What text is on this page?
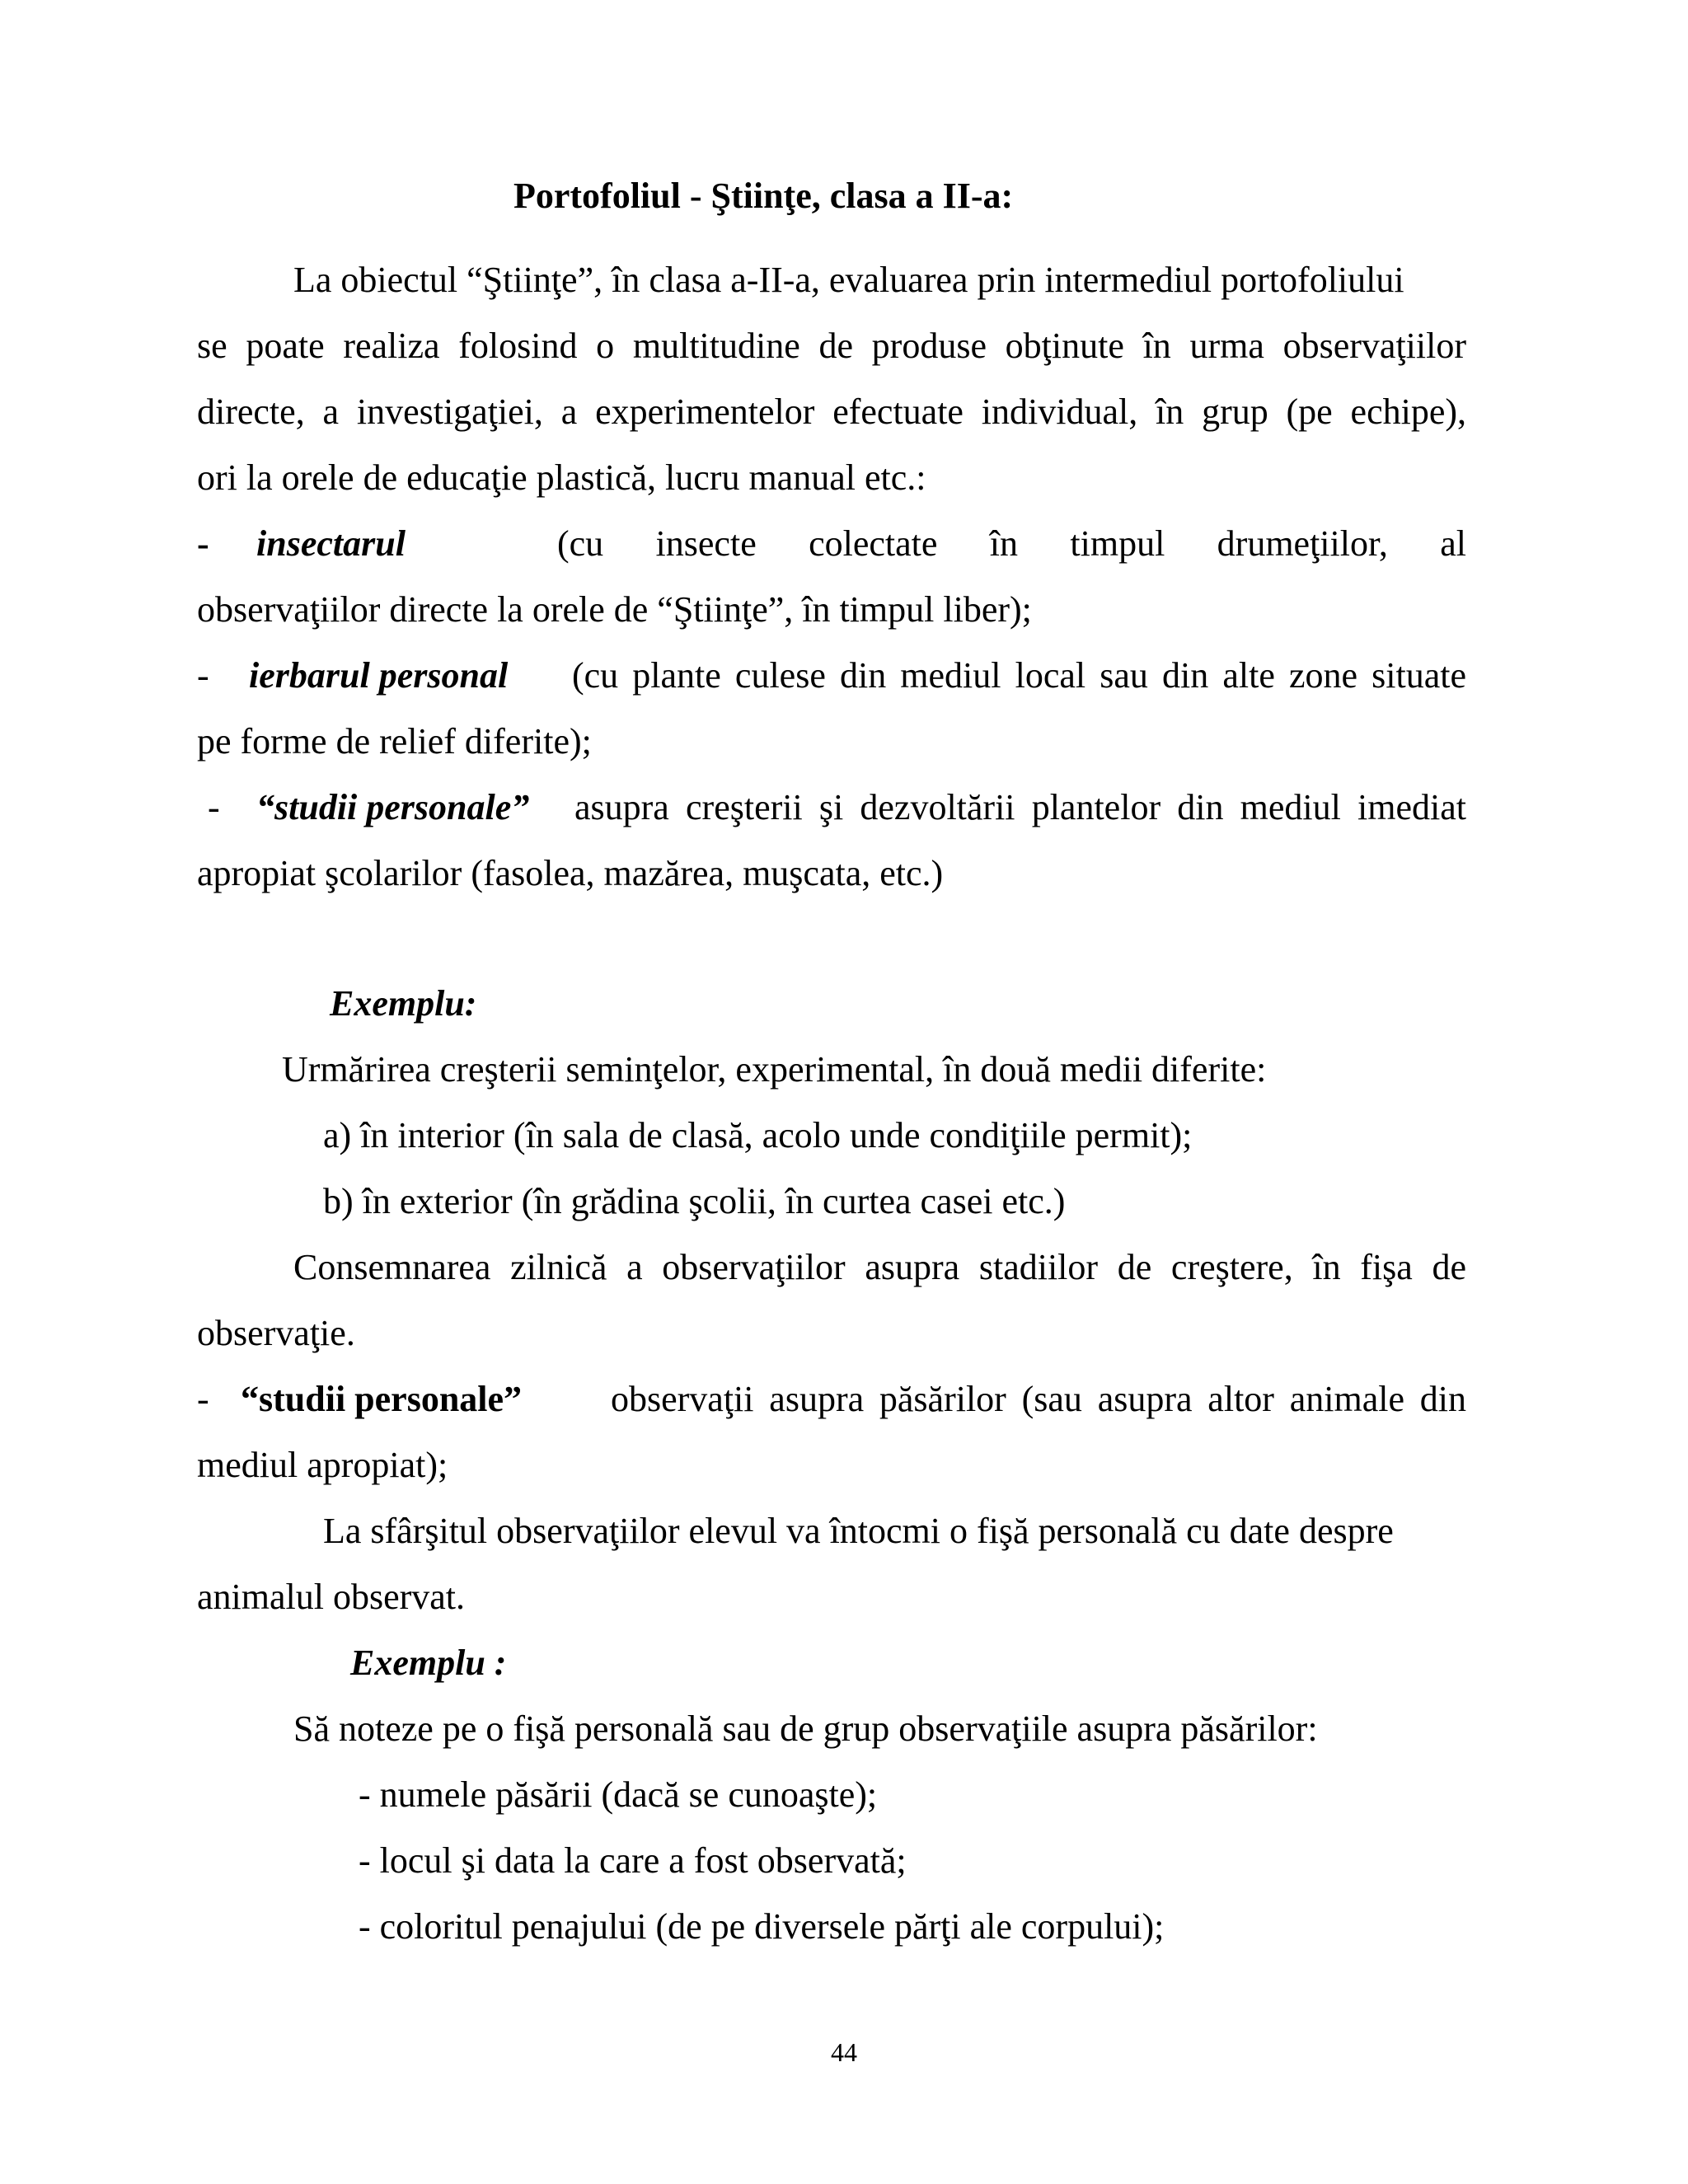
Portofoliul - Ştiinţe, clasa a II-a:
La obiectul “Ştiinţe”, în clasa a-II-a, evaluarea prin intermediul portofoliului
se poate realiza folosind o multitudine de produse obţinute în urma observaţiilor
directe, a investigaţiei, a experimentelor efectuate individual, în grup (pe echipe),
ori la orele de educaţie plastică, lucru manual etc.:
- insectarul	(cu insecte colectate în timpul drumeţiilor, al
observaţiilor directe la orele de “Ştiinţe”, în timpul liber);
- ierbarul personal (cu plante culese din mediul local sau din alte zone situate
pe forme de relief diferite);
- “studii personale” asupra creşterii şi dezvoltării plantelor din mediul imediat
apropiat şcolarilor (fasolea, mazărea, muşcata, etc.)
Exemplu:
Urmărirea creşterii seminţelor, experimental, în două medii diferite:
a) în interior (în sala de clasă, acolo unde condiţiile permit);
b) în exterior (în grădina şcolii, în curtea casei etc.)
Consemnarea zilnică a observaţiilor asupra stadiilor de creştere, în fişa de
observaţie.
- “studii personale” observaţii asupra păsărilor (sau asupra altor animale din
mediul apropiat);
La sfârşitul observaţiilor elevul va întocmi o fişă personală cu date despre
animalul observat.
Exemplu :
Să noteze pe o fişă personală sau de grup observaţiile asupra păsărilor:
- numele păsării (dacă se cunoaşte);
- locul şi data la care a fost observată;
- coloritul penajului (de pe diversele părţi ale corpului);
44
